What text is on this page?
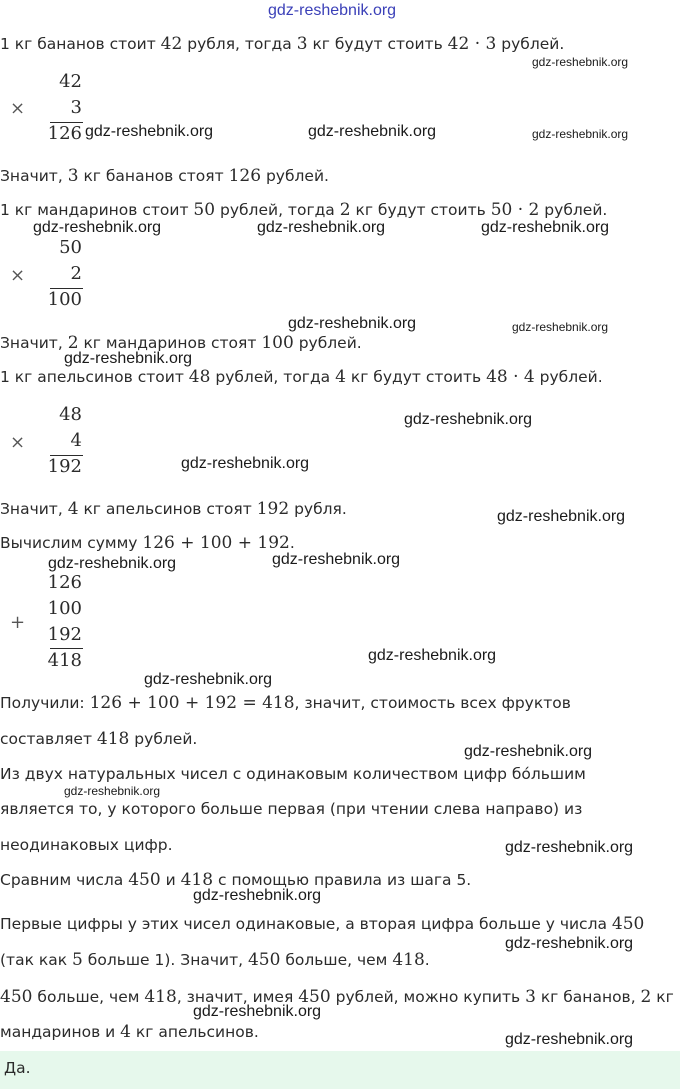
gdz-reshebnik.org
1 кг бананов стоит 42 рубля, тогда 3 кг будут стоить 42 · 3 рублей.
gdz-reshebnik.org
42
×	3
126 gdz-reshebnik.org	gdz-reshebnik.org	gdz-reshebnik.org
Значит, 3 кг бананов стоят 126 рублей.
1 кг мандаринов стоит 50 рублей, тогда 2 кг будут стоить 50 · 2 рублей.
gdz-reshebnik.org	gdz-reshebnik.org	gdz-reshebnik.org
50
×	2
100
gdz-reshebnik.org	gdz-reshebnik.org
Значит, 2 кг мандаринов стоят 100 рублей.
gdz-reshebnik.org
1 кг апельсинов стоит 48 рублей, тогда 4 кг будут стоить 48 · 4 рублей.
48
×	4
192
gdz-reshebnik.org
gdz-reshebnik.org
Значит, 4 кг апельсинов стоят 192 рубля.	gdz-reshebnik.org
Вычислим сумму 126 + 100 + 192.
gdz-reshebnik.org
gdz-reshebnik.org
126
100
+
192
418	gdz-reshebnik.org
gdz-reshebnik.org
Получили: 126 + 100 + 192 = 418, значит, стоимость всех фруктов
составляет 418 рублей.
gdz-reshebnik.org
Из двух натуральных чисел с одинаковым количеством цифр бо́льшим
gdz-reshebnik.org
является то, у которого больше первая (при чтении слева направо) из
неодинаковых цифр.	gdz-reshebnik.org
Сравним числа 450 и 418 с помощью правила из шага 5.
gdz-reshebnik.org
Первые цифры у этих чисел одинаковые, а вторая цифра больше у числа 450
gdz-reshebnik.org
(так как 5 больше 1). Значит, 450 больше, чем 418.
450 больше, чем 418, значит, имея 450 рублей, можно купить 3 кг бананов, 2 кг
gdz-reshebnik.org
мандаринов и 4 кг апельсинов.	gdz-reshebnik.org
Да.
